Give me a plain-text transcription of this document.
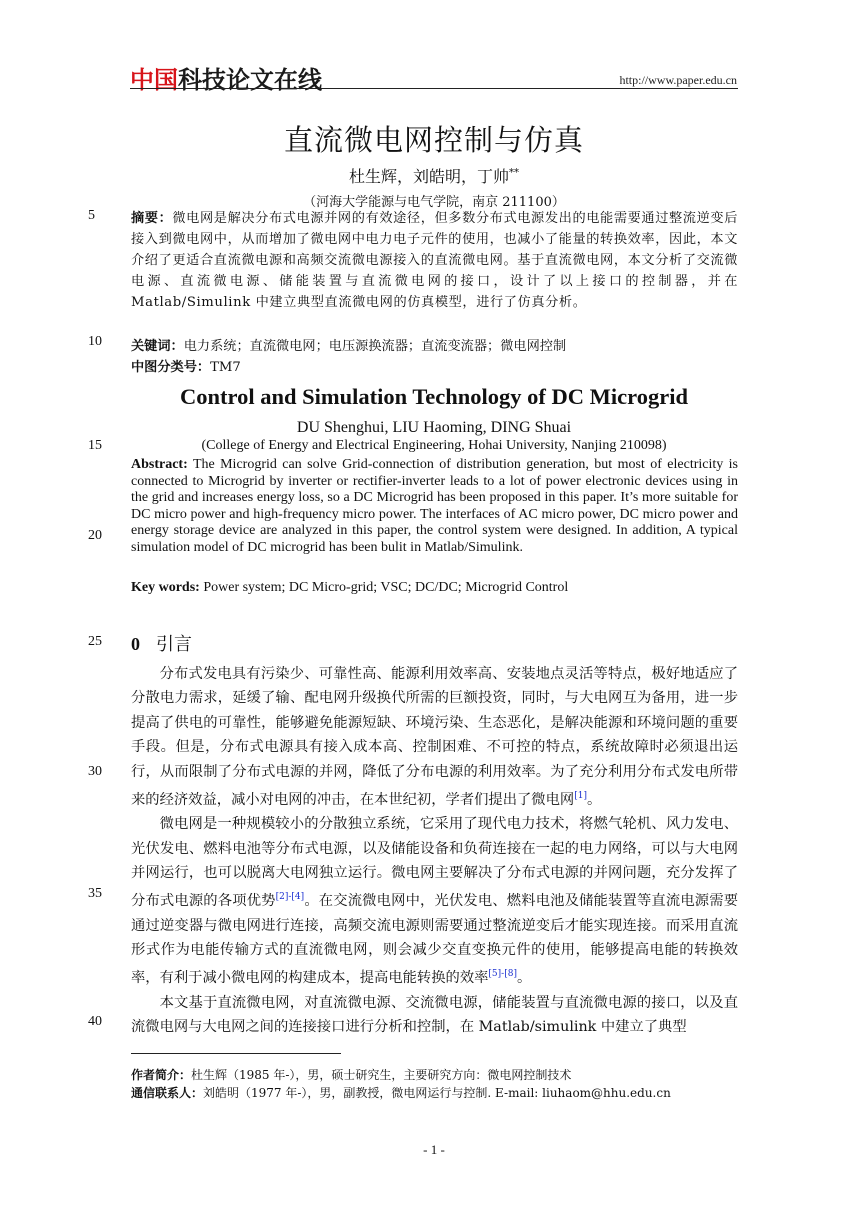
中国科技论文在线	http://www.paper.edu.cn
直流微电网控制与仿真
杜生辉，刘皓明，丁帅**
（河海大学能源与电气学院，南京 211100）
摘要：微电网是解决分布式电源并网的有效途径，但多数分布式电源发出的电能需要通过整流逆变后接入到微电网中，从而增加了微电网中电力电子元件的使用，也减小了能量的转换效率，因此，本文介绍了更适合直流微电源和高频交流微电源接入的直流微电网。基于直流微电网，本文分析了交流微电源、直流微电源、储能装置与直流微电网的接口，设计了以上接口的控制器，并在 Matlab/Simulink 中建立典型直流微电网的仿真模型，进行了仿真分析。
关键词：电力系统；直流微电网；电压源换流器；直流变流器；微电网控制
中图分类号：TM7
Control and Simulation Technology of DC Microgrid
DU Shenghui, LIU Haoming, DING Shuai
(College of Energy and Electrical Engineering, Hohai University, Nanjing 210098)
Abstract: The Microgrid can solve Grid-connection of distribution generation, but most of electricity is connected to Microgrid by inverter or rectifier-inverter leads to a lot of power electronic devices using in the grid and increases energy loss, so a DC Microgrid has been proposed in this paper. It’s more suitable for DC micro power and high-frequency micro power. The interfaces of AC micro power, DC micro power and energy storage device are analyzed in this paper, the control system were designed. In addition, A typical simulation model of DC microgrid has been bulit in Matlab/Simulink.
Key words: Power system; DC Micro-grid; VSC; DC/DC; Microgrid Control
0 引言

分布式发电具有污染少、可靠性高、能源利用效率高、安装地点灵活等特点，极好地适应了分散电力需求，延缓了输、配电网升级换代所需的巨额投资，同时，与大电网互为备用，进一步提高了供电的可靠性，能够避免能源短缺、环境污染、生态恶化，是解决能源和环境问题的重要手段。但是，分布式电源具有接入成本高、控制困难、不可控的特点，系统故障时必须退出运行，从而限制了分布式电源的并网，降低了分布电源的利用效率。为了充分利用分布式发电所带来的经济效益，减小对电网的冲击，在本世纪初，学者们提出了微电网[1]。

微电网是一种规模较小的分散独立系统，它采用了现代电力技术，将燃气轮机、风力发电、光伏发电、燃料电池等分布式电源，以及储能设备和负荷连接在一起的电力网络，可以与大电网并网运行，也可以脱离大电网独立运行。微电网主要解决了分布式电源的并网问题，充分发挥了分布式电源的各项优势[2]-[4]。在交流微电网中，光伏发电、燃料电池及储能装置等直流电源需要通过逆变器与微电网进行连接，高频交流电源则需要通过整流逆变后才能实现连接。而采用直流形式作为电能传输方式的直流微电网，则会减少交直变换元件的使用，能够提高电能的转换效率，有利于减小微电网的构建成本，提高电能转换的效率[5]-[8]。

本文基于直流微电网，对直流微电源、交流微电源，储能装置与直流微电源的接口，以及直流微电网与大电网之间的连接接口进行分析和控制，在 Matlab/simulink 中建立了典型

5
10
15
20
25
30
35
40
作者简介：杜生辉（1985 年-），男，硕士研究生，主要研究方向：微电网控制技术
通信联系人：刘皓明（1977 年-），男，副教授，微电网运行与控制. E-mail: liuhaom@hhu.edu.cn
- 1 -
